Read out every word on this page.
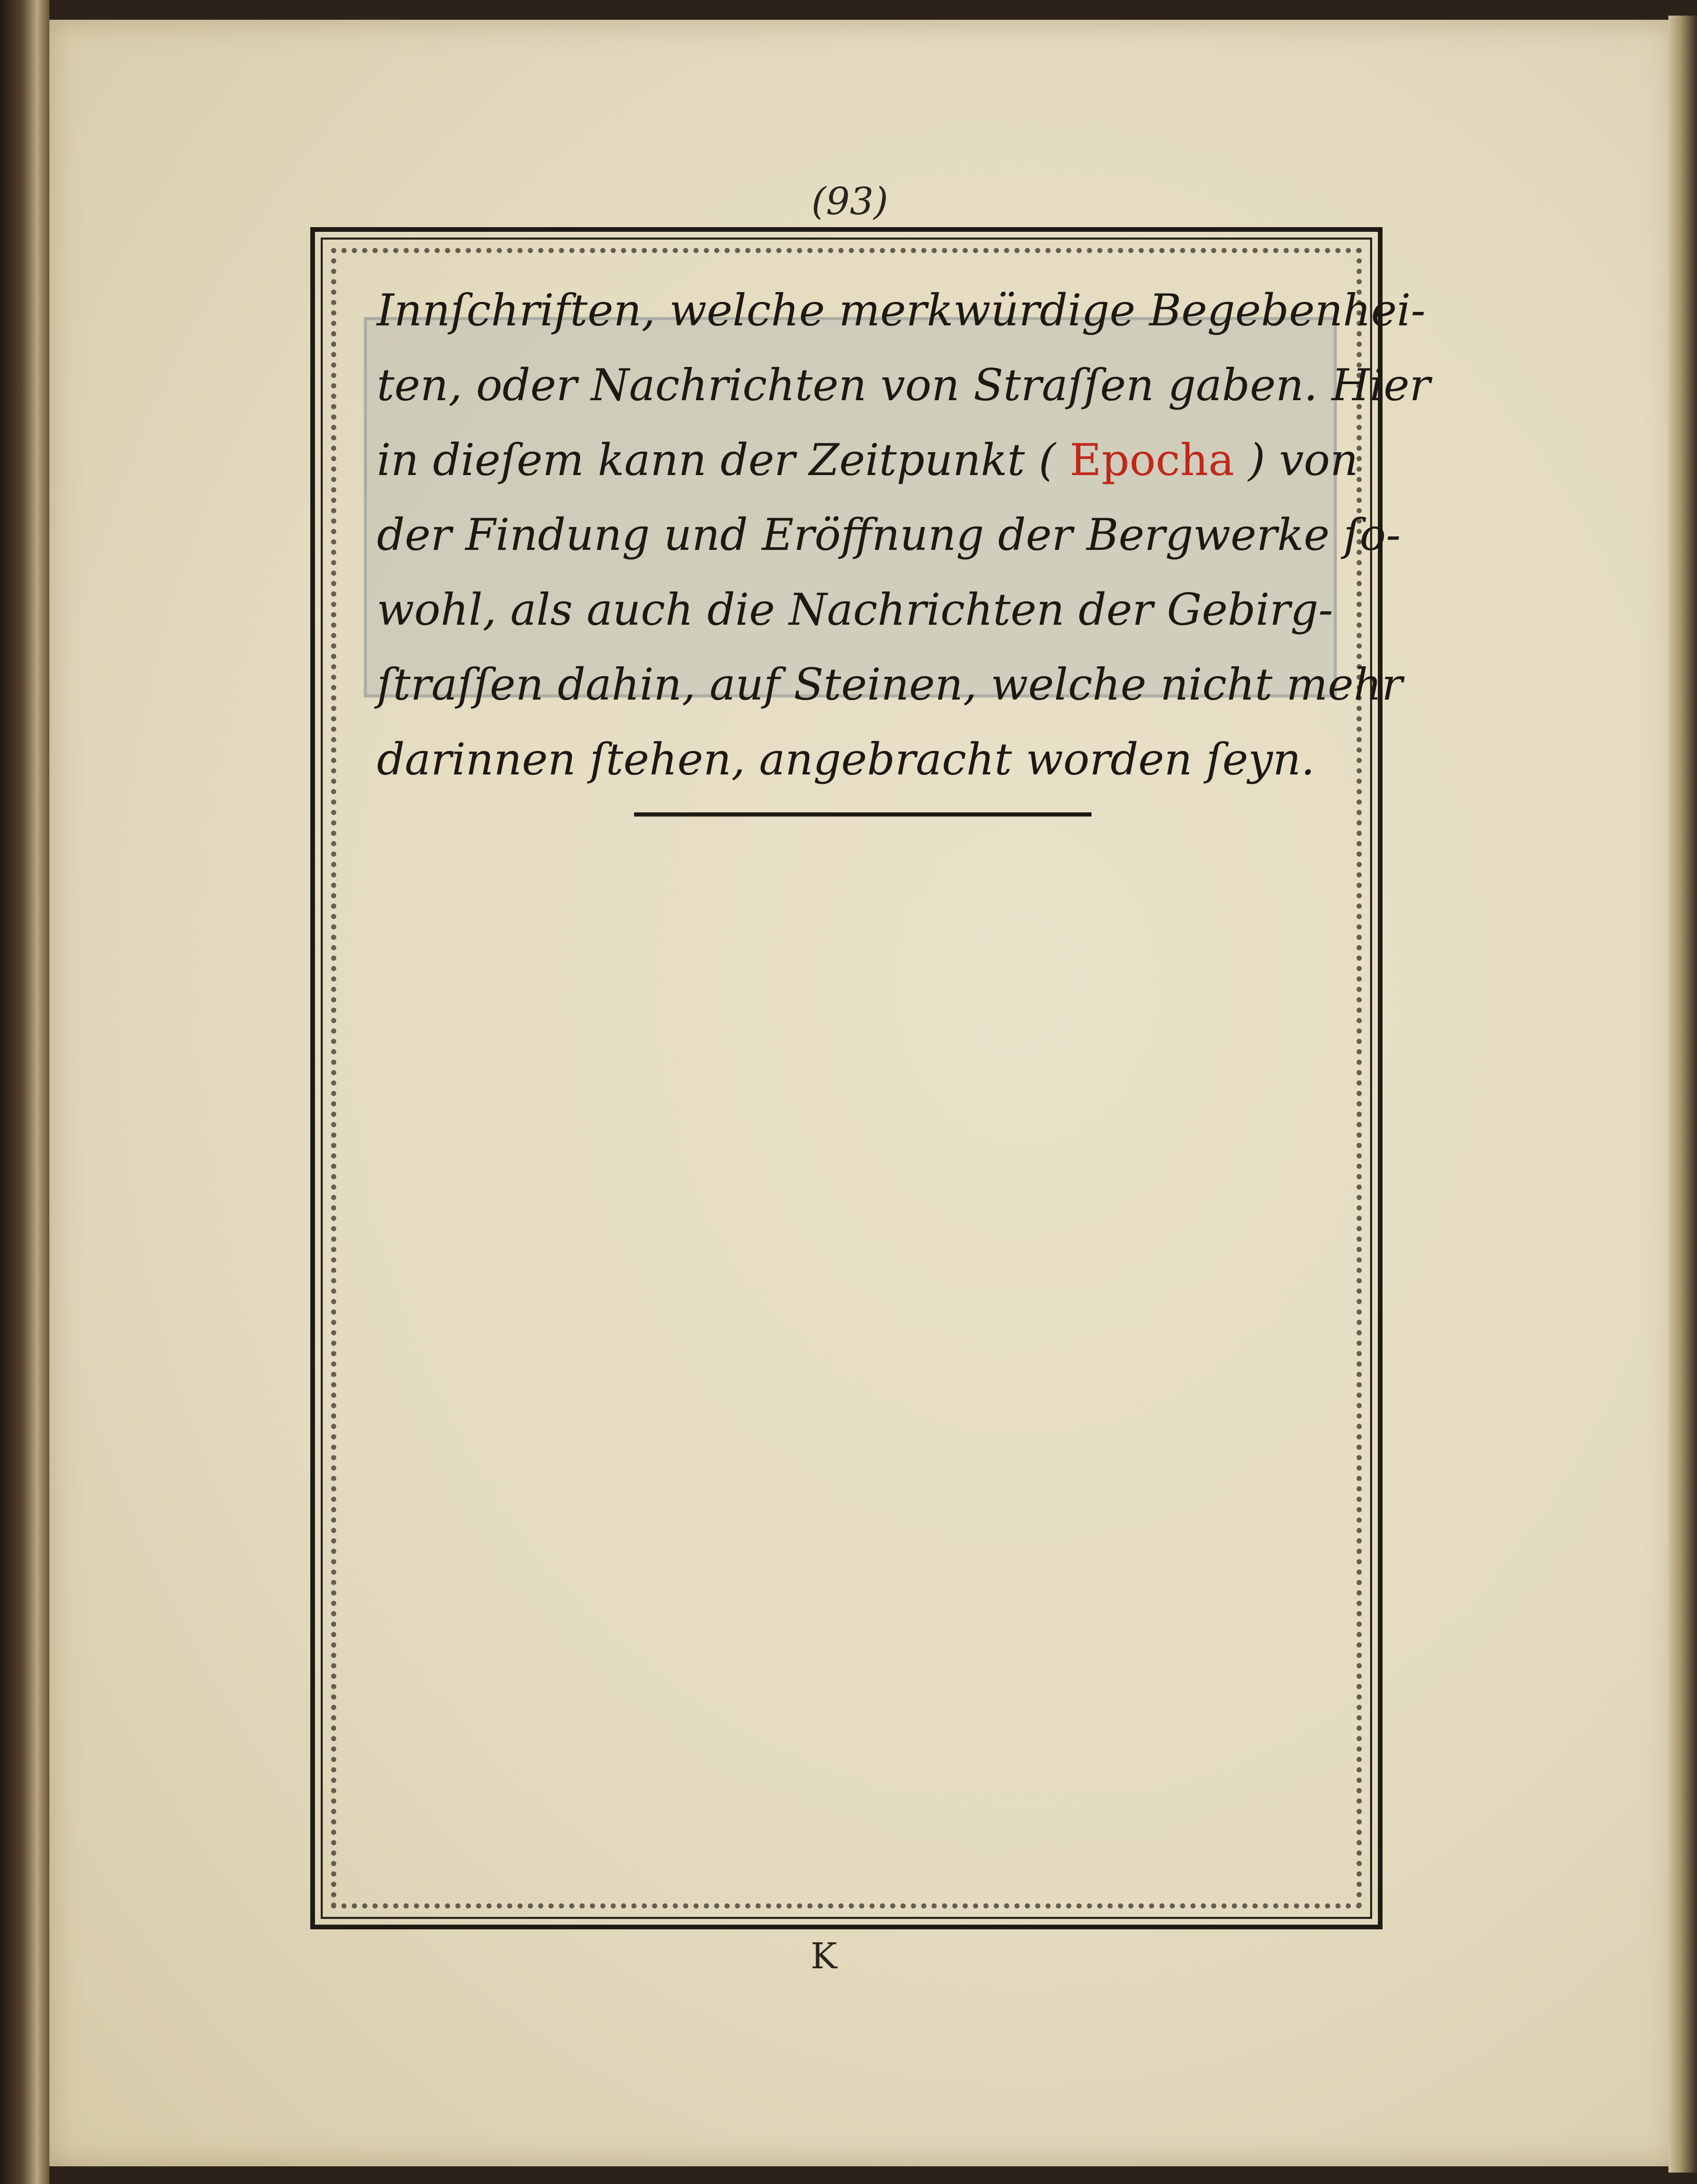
(93)
Innſchriften, welche merkwürdige Begebenhei-
ten, oder Nachrichten von Straſſen gaben. Hier
in dieſem kann der Zeitpunkt ( Epocha ) von
der Findung und Eröffnung der Bergwerke ſo-
wohl, als auch die Nachrichten der Gebirg-
ſtraſſen dahin, auf Steinen, welche nicht mehr
darinnen ſtehen, angebracht worden ſeyn.
K
